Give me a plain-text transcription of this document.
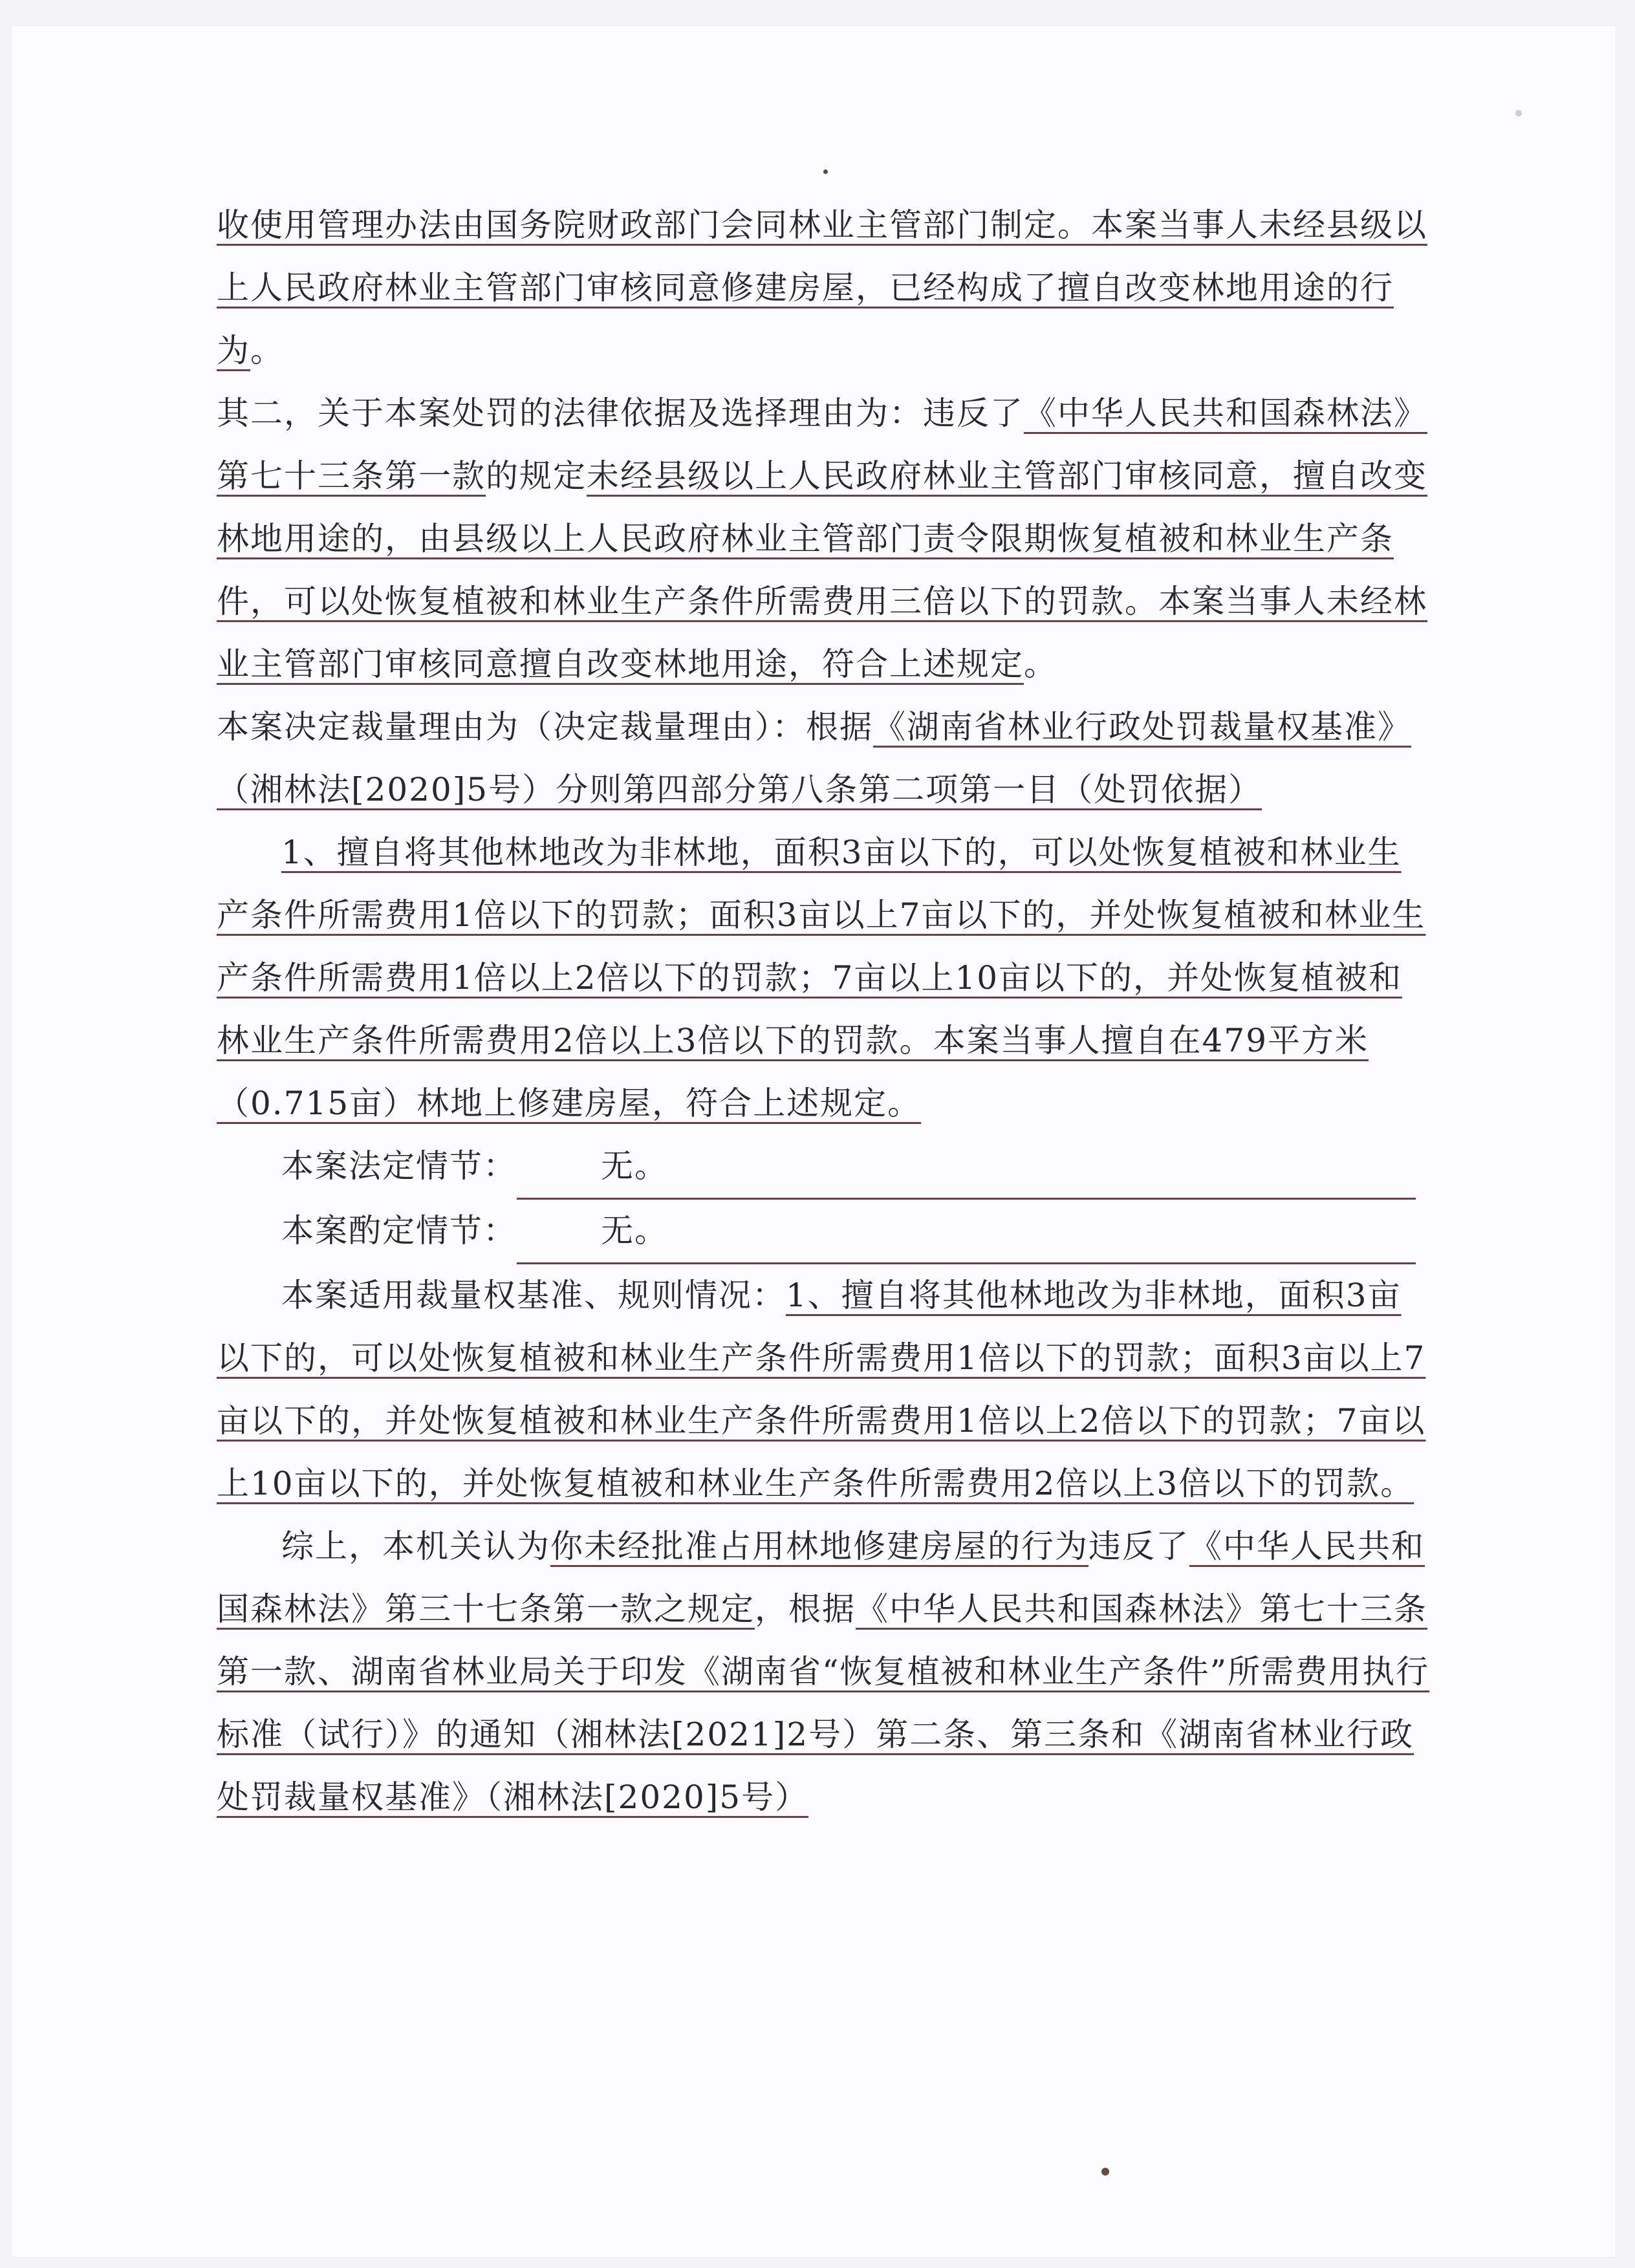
收使用管理办法由国务院财政部门会同林业主管部门制定。本案当事人未经县级以上人民政府林业主管部门审核同意修建房屋，已经构成了擅自改变林地用途的行为。

其二，关于本案处罚的法律依据及选择理由为：违反了《中华人民共和国森林法》第七十三条第一款的规定未经县级以上人民政府林业主管部门审核同意，擅自改变林地用途的，由县级以上人民政府林业主管部门责令限期恢复植被和林业生产条件，可以处恢复植被和林业生产条件所需费用三倍以下的罚款。本案当事人未经林业主管部门审核同意擅自改变林地用途，符合上述规定。

本案决定裁量理由为（决定裁量理由）：根据《湖南省林业行政处罚裁量权基准》（湘林法[2020]5号）分则第四部分第八条第二项第一目（处罚依据）

1、擅自将其他林地改为非林地，面积3亩以下的，可以处恢复植被和林业生产条件所需费用1倍以下的罚款；面积3亩以上7亩以下的，并处恢复植被和林业生产条件所需费用1倍以上2倍以下的罚款；7亩以上10亩以下的，并处恢复植被和林业生产条件所需费用2倍以上3倍以下的罚款。本案当事人擅自在479平方米（0.715亩）林地上修建房屋，符合上述规定。

本案法定情节：	无。

本案酌定情节：	无。

本案适用裁量权基准、规则情况：1、擅自将其他林地改为非林地，面积3亩以下的，可以处恢复植被和林业生产条件所需费用1倍以下的罚款；面积3亩以上7亩以下的，并处恢复植被和林业生产条件所需费用1倍以上2倍以下的罚款；7亩以上10亩以下的，并处恢复植被和林业生产条件所需费用2倍以上3倍以下的罚款。

综上，本机关认为你未经批准占用林地修建房屋的行为违反了《中华人民共和国森林法》第三十七条第一款之规定，根据《中华人民共和国森林法》第七十三条第一款、湖南省林业局关于印发《湖南省“恢复植被和林业生产条件”所需费用执行标准（试行）》的通知（湘林法[2021]2号）第二条、第三条和《湖南省林业行政处罚裁量权基准》（湘林法[2020]5号）
